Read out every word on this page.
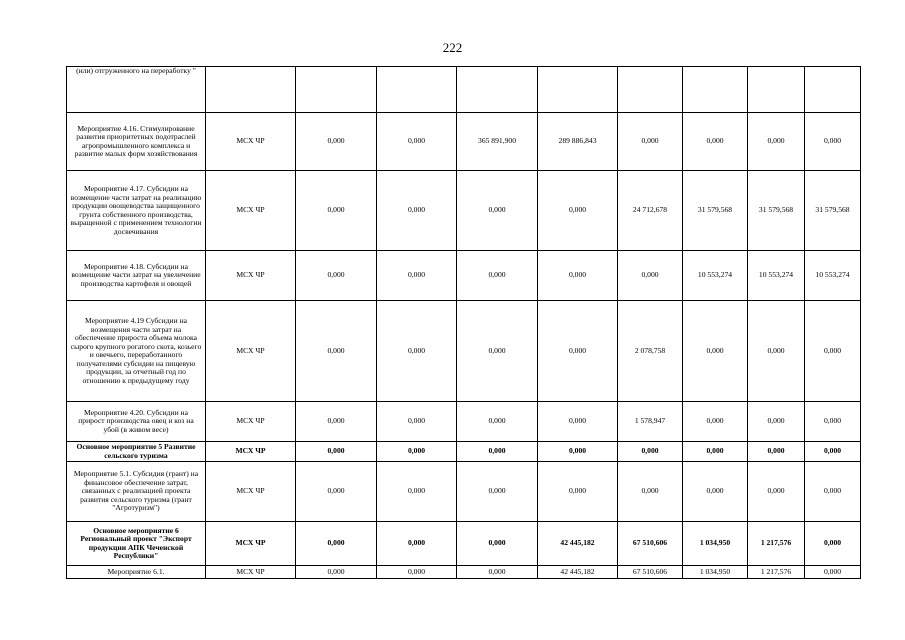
222
(или) отгруженного на переработку "									
Мероприятие 4.16. Стимулирование развития приоритетных подотраслей агропромышленного комплекса и развитие малых форм хозяйствования	МСХ ЧР	0,000	0,000	365 891,900	289 886,843	0,000	0,000	0,000	0,000
Мероприятие 4.17. Субсидии на возмещение части затрат на реализацию продукции овощеводства защищенного грунта собственного производства, выращенной с применением технологии досвечивания	МСХ ЧР	0,000	0,000	0,000	0,000	24 712,678	31 579,568	31 579,568	31 579,568
Мероприятие 4.18. Субсидии на возмещение части затрат на увеличение производства картофеля и овощей	МСХ ЧР	0,000	0,000	0,000	0,000	0,000	10 553,274	10 553,274	10 553,274
Мероприятие 4.19 Субсидии на возмещения части затрат на обеспечение прироста объема молока сырого крупного рогатого скота, козьего и овечьего, переработанного получателями субсидии на пищевую продукции, за отчетный год по отношению к предыдущему году	МСХ ЧР	0,000	0,000	0,000	0,000	2 078,758	0,000	0,000	0,000
Мероприятие 4.20. Субсидии на прирост производства овец и коз на убой (в живом весе)	МСХ ЧР	0,000	0,000	0,000	0,000	1 578,947	0,000	0,000	0,000
Основное мероприятие 5 Развитие сельского туризма	МСХ ЧР	0,000	0,000	0,000	0,000	0,000	0,000	0,000	0,000
Мероприятие 5.1. Субсидия (грант) на финансовое обеспечение затрат, связанных с реализацией проекта развития сельского туризма (грант "Агротуризм")	МСХ ЧР	0,000	0,000	0,000	0,000	0,000	0,000	0,000	0,000
Основное мероприятие 6 Региональный проект "Экспорт продукции АПК Чеченской Республики"	МСХ ЧР	0,000	0,000	0,000	42 445,182	67 510,606	1 034,950	1 217,576	0,000
Мероприятие 6.1.	МСХ ЧР	0,000	0,000	0,000	42 445,182	67 510,606	1 034,950	1 217,576	0,000
